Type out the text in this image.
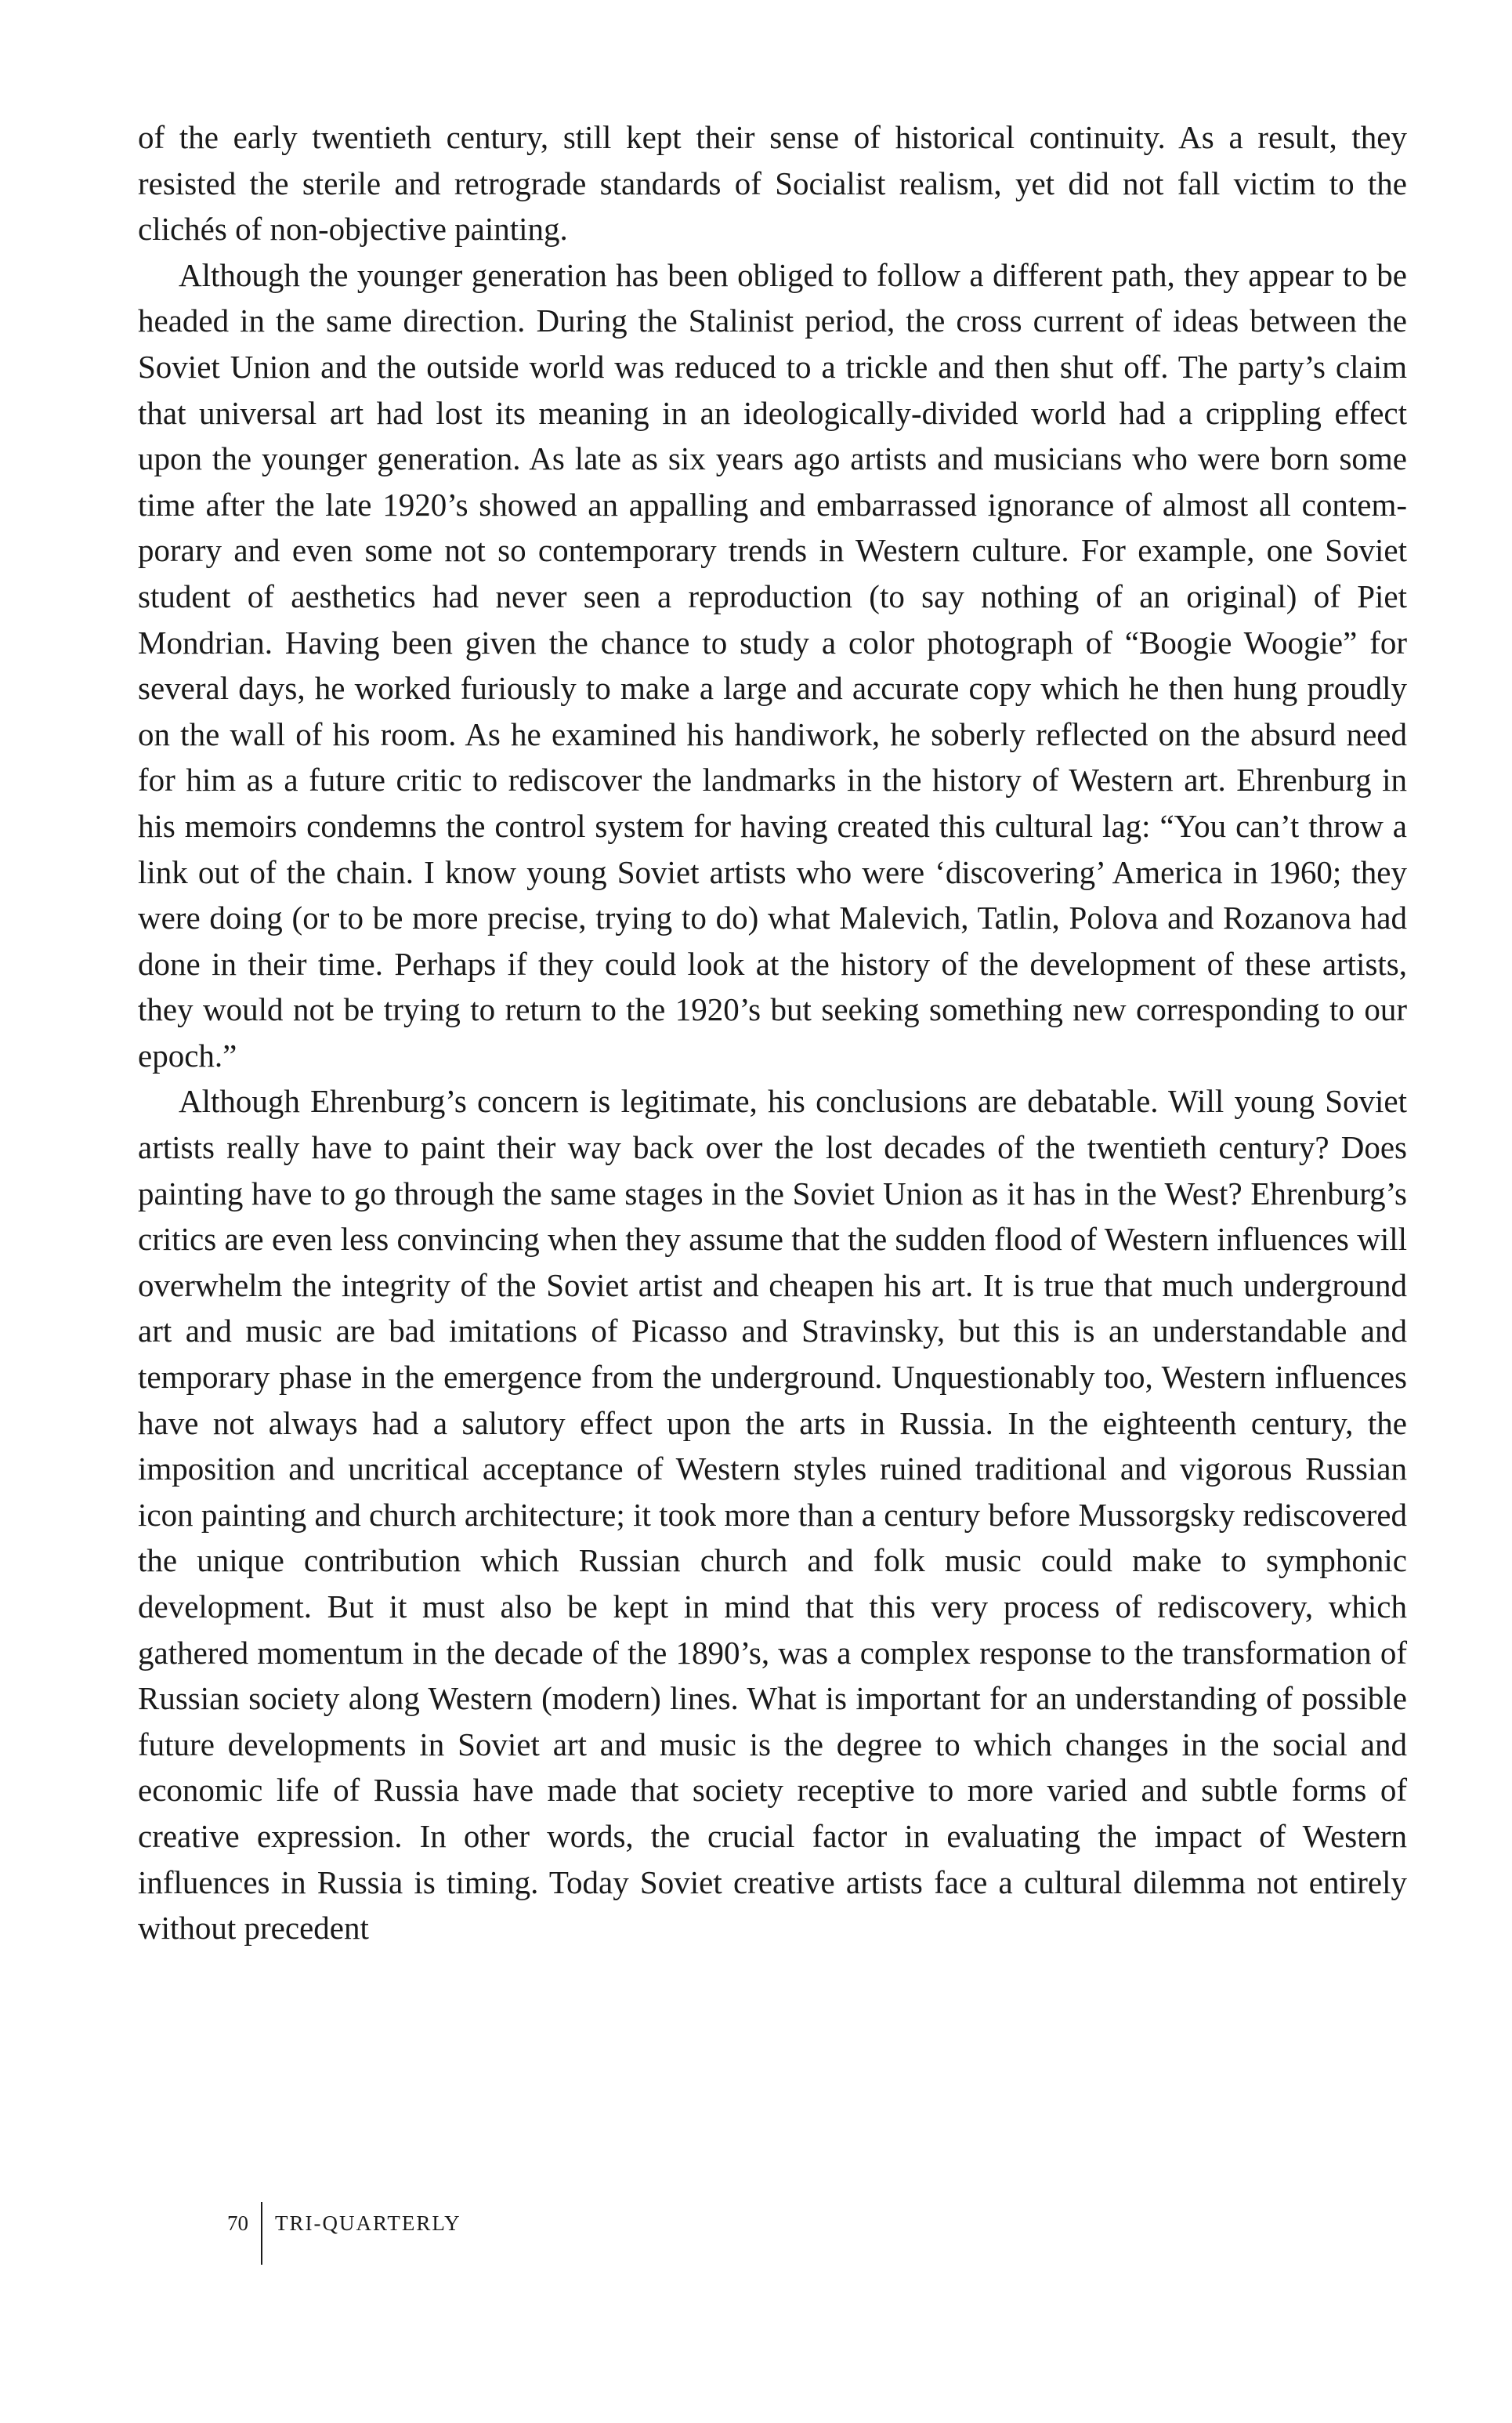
of the early twentieth century, still kept their sense of historical continuity. As a result, they resisted the sterile and retrograde standards of Socialist realism, yet did not fall victim to the clichés of non-objective painting.

Although the younger generation has been obliged to follow a different path, they appear to be headed in the same direction. During the Stalinist period, the cross current of ideas between the Soviet Union and the outside world was reduced to a trickle and then shut off. The party’s claim that universal art had lost its meaning in an ideologically-divided world had a crippling effect upon the younger generation. As late as six years ago artists and musicians who were born some time after the late 1920’s showed an appalling and embarrassed ignorance of almost all contemporary and even some not so contemporary trends in Western culture. For example, one Soviet student of aesthetics had never seen a reproduction (to say nothing of an original) of Piet Mondrian. Having been given the chance to study a color photograph of “Boogie Woogie” for several days, he worked furiously to make a large and accurate copy which he then hung proudly on the wall of his room. As he examined his handiwork, he soberly reflected on the absurd need for him as a future critic to rediscover the landmarks in the history of Western art. Ehrenburg in his memoirs condemns the control system for having created this cultural lag: “You can’t throw a link out of the chain. I know young Soviet artists who were ‘discovering’ America in 1960; they were doing (or to be more precise, trying to do) what Malevich, Tatlin, Polova and Rozanova had done in their time. Perhaps if they could look at the history of the development of these artists, they would not be trying to return to the 1920’s but seeking something new corresponding to our epoch.”

Although Ehrenburg’s concern is legitimate, his conclusions are debatable. Will young Soviet artists really have to paint their way back over the lost decades of the twentieth century? Does painting have to go through the same stages in the Soviet Union as it has in the West? Ehrenburg’s critics are even less convincing when they assume that the sudden flood of Western influences will overwhelm the integrity of the Soviet artist and cheapen his art. It is true that much underground art and music are bad imitations of Picasso and Stravinsky, but this is an understandable and temporary phase in the emergence from the underground. Unquestionably too, Western influences have not always had a salutory effect upon the arts in Russia. In the eighteenth century, the imposition and uncritical acceptance of Western styles ruined traditional and vigorous Russian icon painting and church architecture; it took more than a century before Mussorgsky rediscovered the unique contribution which Russian church and folk music could make to symphonic development. But it must also be kept in mind that this very process of rediscovery, which gathered momentum in the decade of the 1890’s, was a complex response to the transformation of Russian society along Western (modern) lines. What is important for an understanding of possible future developments in Soviet art and music is the degree to which changes in the social and economic life of Russia have made that society receptive to more varied and subtle forms of creative expression. In other words, the crucial factor in evaluating the impact of Western influences in Russia is timing. Today Soviet creative artists face a cultural dilemma not entirely without precedent

70	TRI-QUARTERLY
